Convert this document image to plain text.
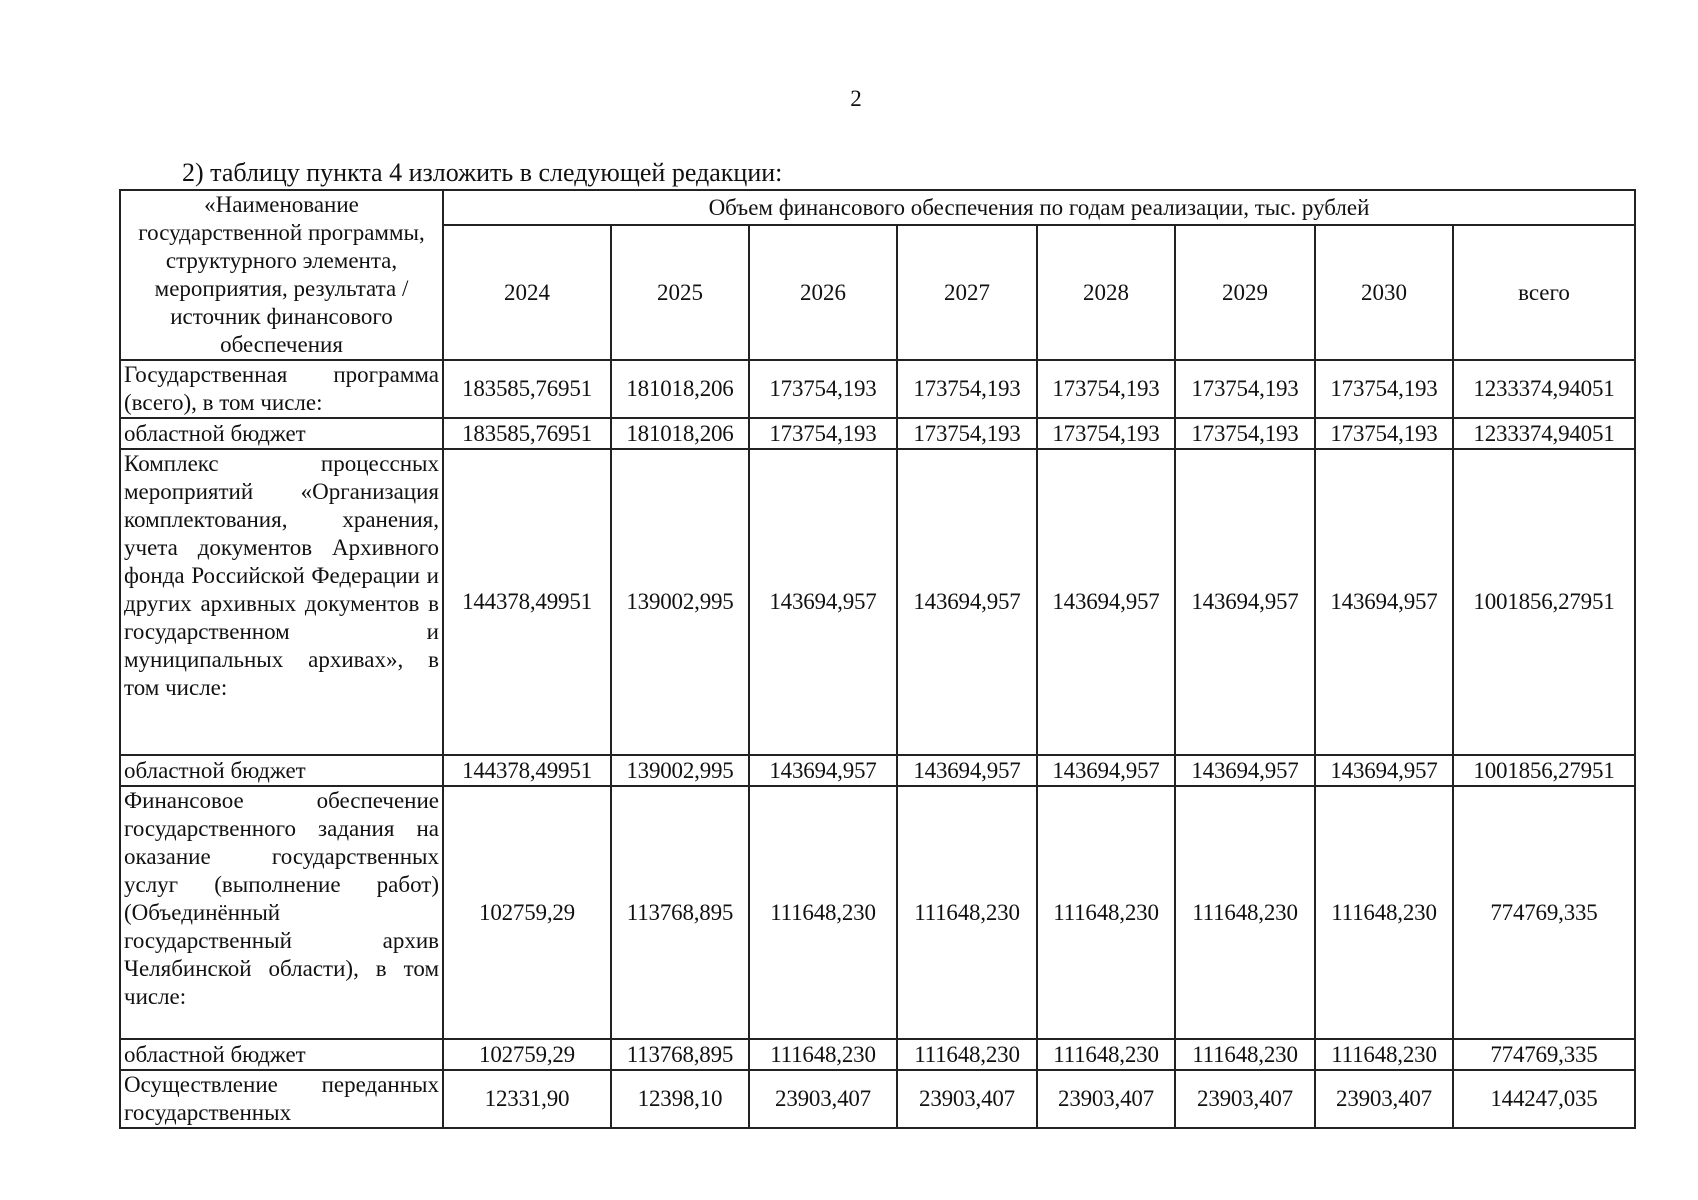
2
2) таблицу пункта 4 изложить в следующей редакции:
«Наименование государственной программы, структурного элемента, мероприятия, результата / источник финансового обеспечения	Объем финансового обеспечения по годам реализации, тыс. рублей							
	2024	2025	2026	2027	2028	2029	2030	всего
Государственная программа (всего), в том числе:	183585,76951	181018,206	173754,193	173754,193	173754,193	173754,193	173754,193	1233374,94051
областной бюджет	183585,76951	181018,206	173754,193	173754,193	173754,193	173754,193	173754,193	1233374,94051
Комплекс процессных мероприятий «Организация комплектования, хранения, учета документов Архивного фонда Российской Федерации и других архивных документов в государственном и муниципальных архивах», в том числе:	144378,49951	139002,995	143694,957	143694,957	143694,957	143694,957	143694,957	1001856,27951
областной бюджет	144378,49951	139002,995	143694,957	143694,957	143694,957	143694,957	143694,957	1001856,27951
Финансовое обеспечение государственного задания на оказание государственных услуг (выполнение работ) (Объединённый государственный архив Челябинской области), в том числе:	102759,29	113768,895	111648,230	111648,230	111648,230	111648,230	111648,230	774769,335
областной бюджет	102759,29	113768,895	111648,230	111648,230	111648,230	111648,230	111648,230	774769,335
Осуществление переданных государственных	12331,90	12398,10	23903,407	23903,407	23903,407	23903,407	23903,407	144247,035
